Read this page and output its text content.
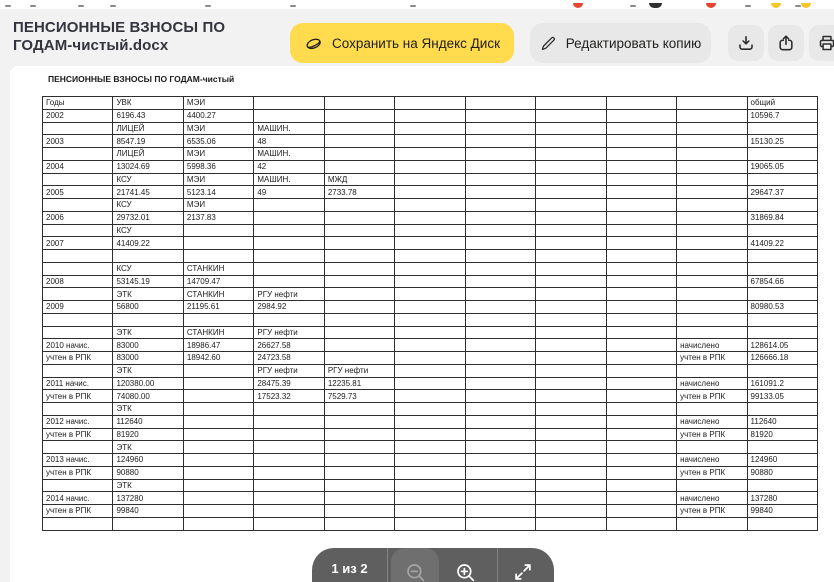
ПЕНСИОННЫЕ ВЗНОСЫ ПО
ГОДАМ-чистый.docx	Сохранить на Яндекс Диск	Редактировать копию
ПЕНСИОННЫЕ ВЗНОСЫ ПО ГОДАМ-чистый
Годы	УВК	МЭИ								общий
2002	6196.43	4400.27								10596.7
	ЛИЦЕЙ	МЭИ	МАШИН.							
2003	8547.19	6535.06	48							15130.25
	ЛИЦЕЙ	МЭИ	МАШИН.							
2004	13024.69	5998.36	42							19065.05
	КСУ	МЭИ	МАШИН.	МЖД						
2005	21741.45	5123.14	49	2733.78						29647.37
	КСУ	МЭИ								
2006	29732.01	2137.83								31869.84
	КСУ									
2007	41409.22									41409.22

	КСУ	СТАНКИН								
2008	53145.19	14709.47								67854.66
	ЭТК	СТАНКИН	РГУ нефти							
2009	56800	21195.61	2984.92							80980.53

	ЭТК	СТАНКИН	РГУ нефти							
2010 начис.	83000	18986.47	26627.58						начислено	128614.05
учтен в РПК	83000	18942.60	24723.58						учтен в РПК	126666.18
	ЭТК		РГУ нефти	РГУ нефти						
2011 начис.	120380.00		28475.39	12235.81					начислено	161091.2
учтен в РПК	74080.00		17523.32	7529.73					учтен в РПК	99133.05
	ЭТК									
2012 начис.	112640								начислено	112640
учтен в РПК	81920								учтен в РПК	81920
	ЭТК									
2013 начис.	124960								начислено	124960
учтен в РПК	90880								учтен в РПК	90880
	ЭТК									
2014 начис.	137280								начислено	137280
учтен в РПК	99840								учтен в РПК	99840

1 из 2
